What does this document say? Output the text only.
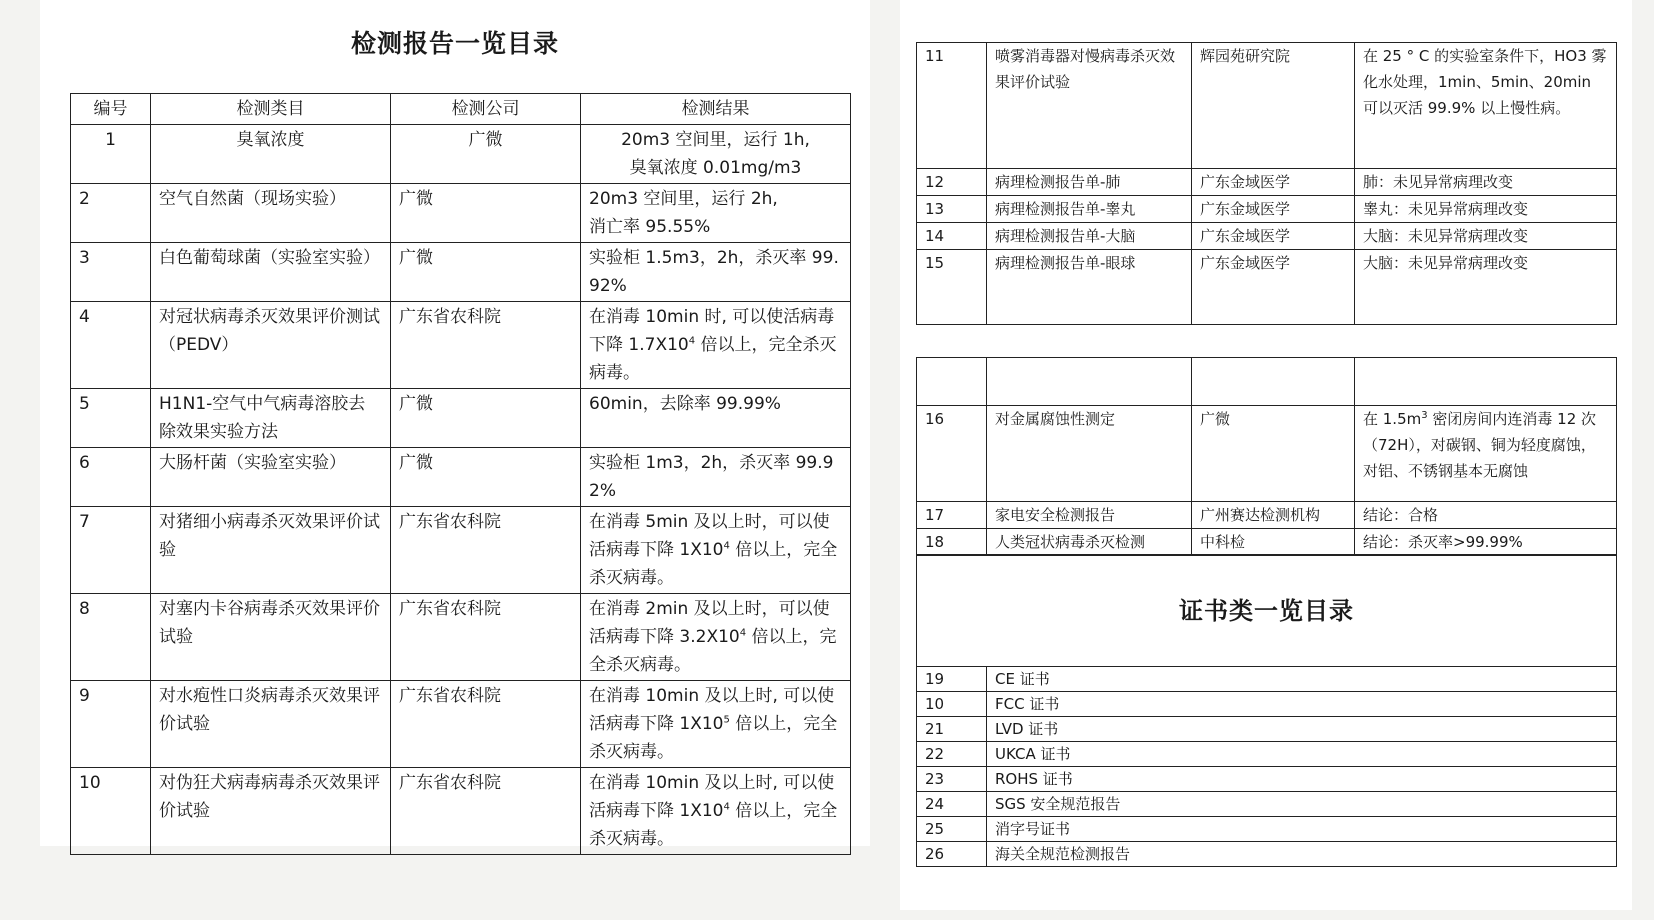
检测报告一览目录
编号	检测类目	检测公司	检测结果
1	臭氧浓度	广微	20m3 空间里，运行 1h,
臭氧浓度 0.01mg/m3
2	空气自然菌（现场实验）	广微	20m3 空间里，运行 2h,
消亡率 95.55%
3	白色葡萄球菌（实验室实验）	广微	实验柜 1.5m3，2h，杀灭率 99.92%
4	对冠状病毒杀灭效果评价测试（PEDV）	广东省农科院	在消毒 10min 时, 可以使活病毒下降 $1.7X10^4$ 倍以上，完全杀灭病毒。
5	H1N1-空气中气病毒溶胶去除效果实验方法	广微	60min，去除率 99.99%
6	大肠杆菌（实验室实验）	广微	实验柜 1m3，2h，杀灭率 99.92%
7	对猪细小病毒杀灭效果评价试验	广东省农科院	在消毒 5min 及以上时，可以使活病毒下降 $1X10^4$ 倍以上，完全杀灭病毒。
8	对塞内卡谷病毒杀灭效果评价试验	广东省农科院	在消毒 2min 及以上时，可以使活病毒下降 $3.2X10^4$ 倍以上，完全杀灭病毒。
9	对水疱性口炎病毒杀灭效果评价试验	广东省农科院	在消毒 10min 及以上时, 可以使活病毒下降 $1X10^5$ 倍以上，完全杀灭病毒。
10	对伪狂犬病毒病毒杀灭效果评价试验	广东省农科院	在消毒 10min 及以上时, 可以使活病毒下降 $1X10^4$ 倍以上，完全杀灭病毒。
11	喷雾消毒器对慢病毒杀灭效果评价试验	辉园苑研究院	在 25 ° C 的实验室条件下，HO3 雾化水处理，1min、5min、20min 可以灭活 99.9% 以上慢性病。
12	病理检测报告单-肺	广东金域医学	肺：未见异常病理改变
13	病理检测报告单-睾丸	广东金域医学	睾丸：未见异常病理改变
14	病理检测报告单-大脑	广东金域医学	大脑：未见异常病理改变
15	病理检测报告单-眼球	广东金域医学	大脑：未见异常病理改变

16	对金属腐蚀性测定	广微	在 $1.5m^3$ 密闭房间内连消毒 12 次（72H），对碳钢、铜为轻度腐蚀，对铝、不锈钢基本无腐蚀
17	家电安全检测报告	广州赛达检测机构	结论：合格
18	人类冠状病毒杀灭检测	中科检	结论：杀灭率>99.99%
证书类一览目录	
19	CE 证书
10	FCC 证书
21	LVD 证书
22	UKCA 证书
23	ROHS 证书
24	SGS 安全规范报告
25	消字号证书
26	海关全规范检测报告
